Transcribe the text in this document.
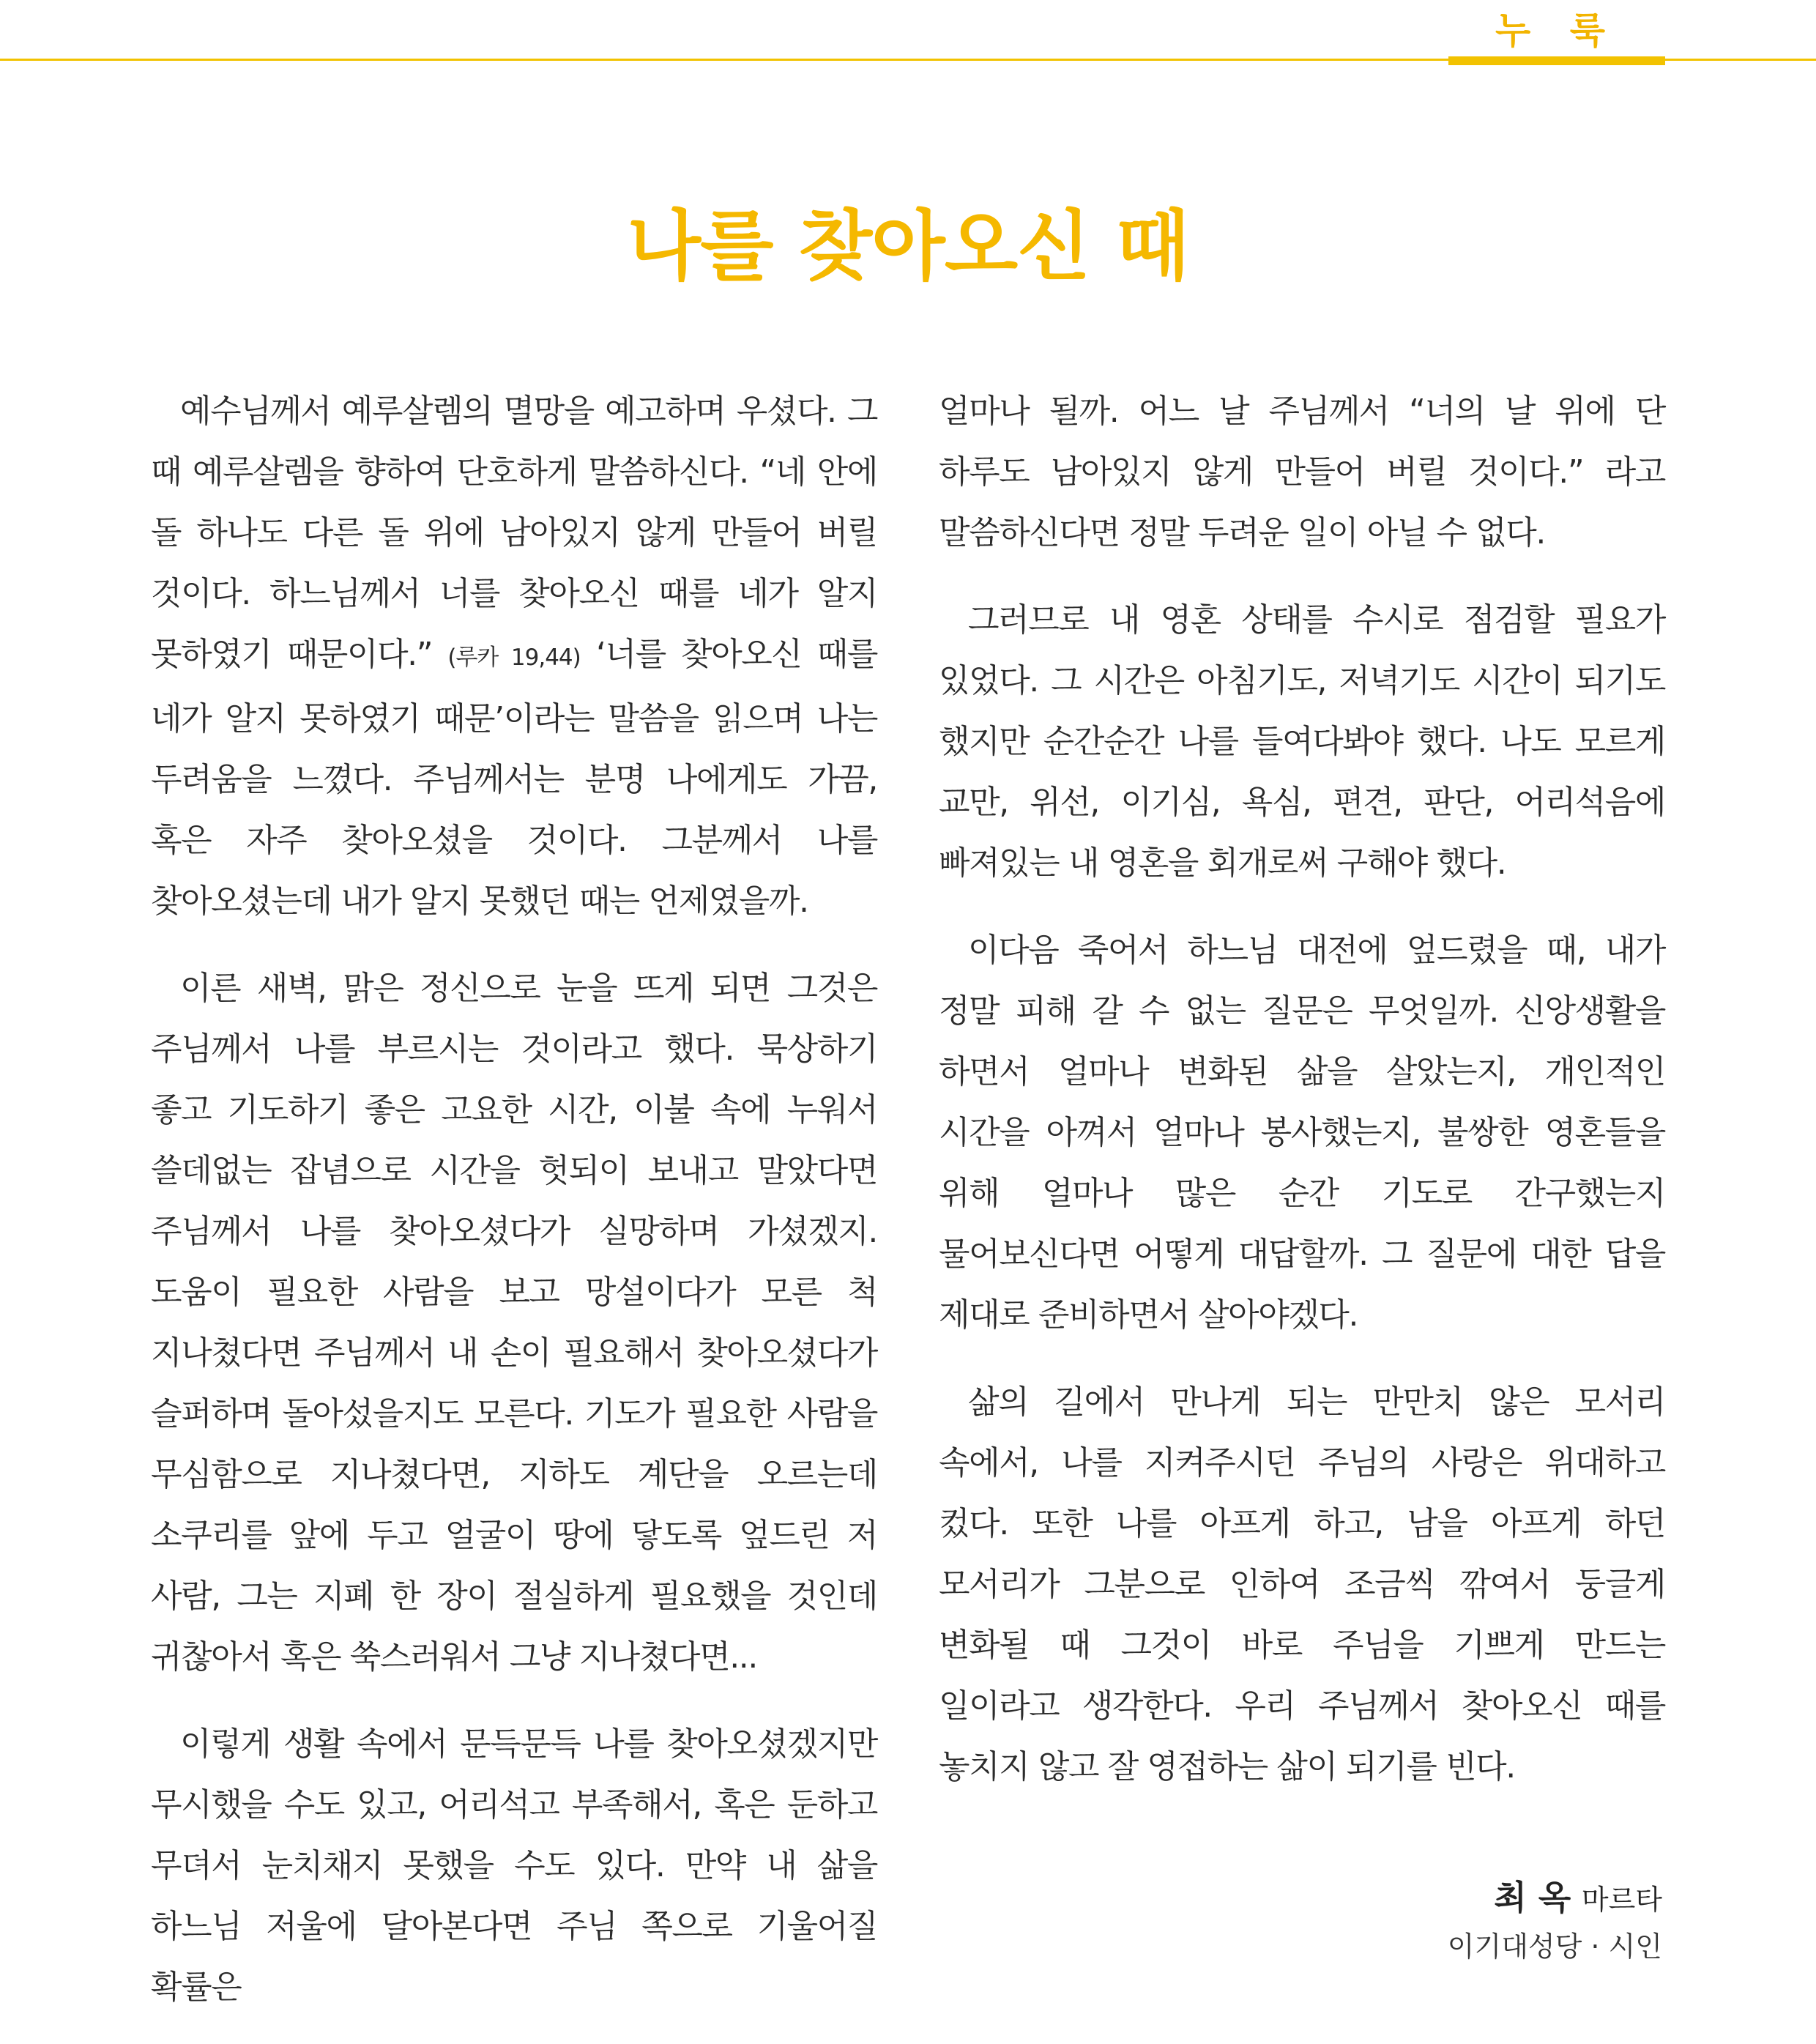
누 룩
나를 찾아오신 때

예수님께서 예루살렘의 멸망을 예고하며 우셨다. 그 때 예루살렘을 향하여 단호하게 말씀하신다. “네 안에 돌 하나도 다른 돌 위에 남아있지 않게 만들어 버릴 것이다. 하느님께서 너를 찾아오신 때를 네가 알지 못하였기 때문이다.” (루카 19,44) ‘너를 찾아오신 때를 네가 알지 못하였기 때문’이라는 말씀을 읽으며 나는 두려움을 느꼈다. 주님께서는 분명 나에게도 가끔, 혹은 자주 찾아오셨을 것이다. 그분께서 나를 찾아오셨는데 내가 알지 못했던 때는 언제였을까.

이른 새벽, 맑은 정신으로 눈을 뜨게 되면 그것은 주님께서 나를 부르시는 것이라고 했다. 묵상하기 좋고 기도하기 좋은 고요한 시간, 이불 속에 누워서 쓸데없는 잡념으로 시간을 헛되이 보내고 말았다면 주님께서 나를 찾아오셨다가 실망하며 가셨겠지. 도움이 필요한 사람을 보고 망설이다가 모른 척 지나쳤다면 주님께서 내 손이 필요해서 찾아오셨다가 슬퍼하며 돌아섰을지도 모른다. 기도가 필요한 사람을 무심함으로 지나쳤다면, 지하도 계단을 오르는데 소쿠리를 앞에 두고 얼굴이 땅에 닿도록 엎드린 저 사람, 그는 지폐 한 장이 절실하게 필요했을 것인데 귀찮아서 혹은 쑥스러워서 그냥 지나쳤다면...

이렇게 생활 속에서 문득문득 나를 찾아오셨겠지만 무시했을 수도 있고, 어리석고 부족해서, 혹은 둔하고 무뎌서 눈치채지 못했을 수도 있다. 만약 내 삶을 하느님 저울에 달아본다면 주님 쪽으로 기울어질 확률은

얼마나 될까. 어느 날 주님께서 “너의 날 위에 단 하루도 남아있지 않게 만들어 버릴 것이다.” 라고 말씀하신다면 정말 두려운 일이 아닐 수 없다.

그러므로 내 영혼 상태를 수시로 점검할 필요가 있었다. 그 시간은 아침기도, 저녁기도 시간이 되기도 했지만 순간순간 나를 들여다봐야 했다. 나도 모르게 교만, 위선, 이기심, 욕심, 편견, 판단, 어리석음에 빠져있는 내 영혼을 회개로써 구해야 했다.

이다음 죽어서 하느님 대전에 엎드렸을 때, 내가 정말 피해 갈 수 없는 질문은 무엇일까. 신앙생활을 하면서 얼마나 변화된 삶을 살았는지, 개인적인 시간을 아껴서 얼마나 봉사했는지, 불쌍한 영혼들을 위해 얼마나 많은 순간 기도로 간구했는지 물어보신다면 어떻게 대답할까. 그 질문에 대한 답을 제대로 준비하면서 살아야겠다.

삶의 길에서 만나게 되는 만만치 않은 모서리 속에서, 나를 지켜주시던 주님의 사랑은 위대하고 컸다. 또한 나를 아프게 하고, 남을 아프게 하던 모서리가 그분으로 인하여 조금씩 깎여서 둥글게 변화될 때 그것이 바로 주님을 기쁘게 만드는 일이라고 생각한다. 우리 주님께서 찾아오신 때를 놓치지 않고 잘 영접하는 삶이 되기를 빈다.

최 옥 마르타
이기대성당 · 시인
